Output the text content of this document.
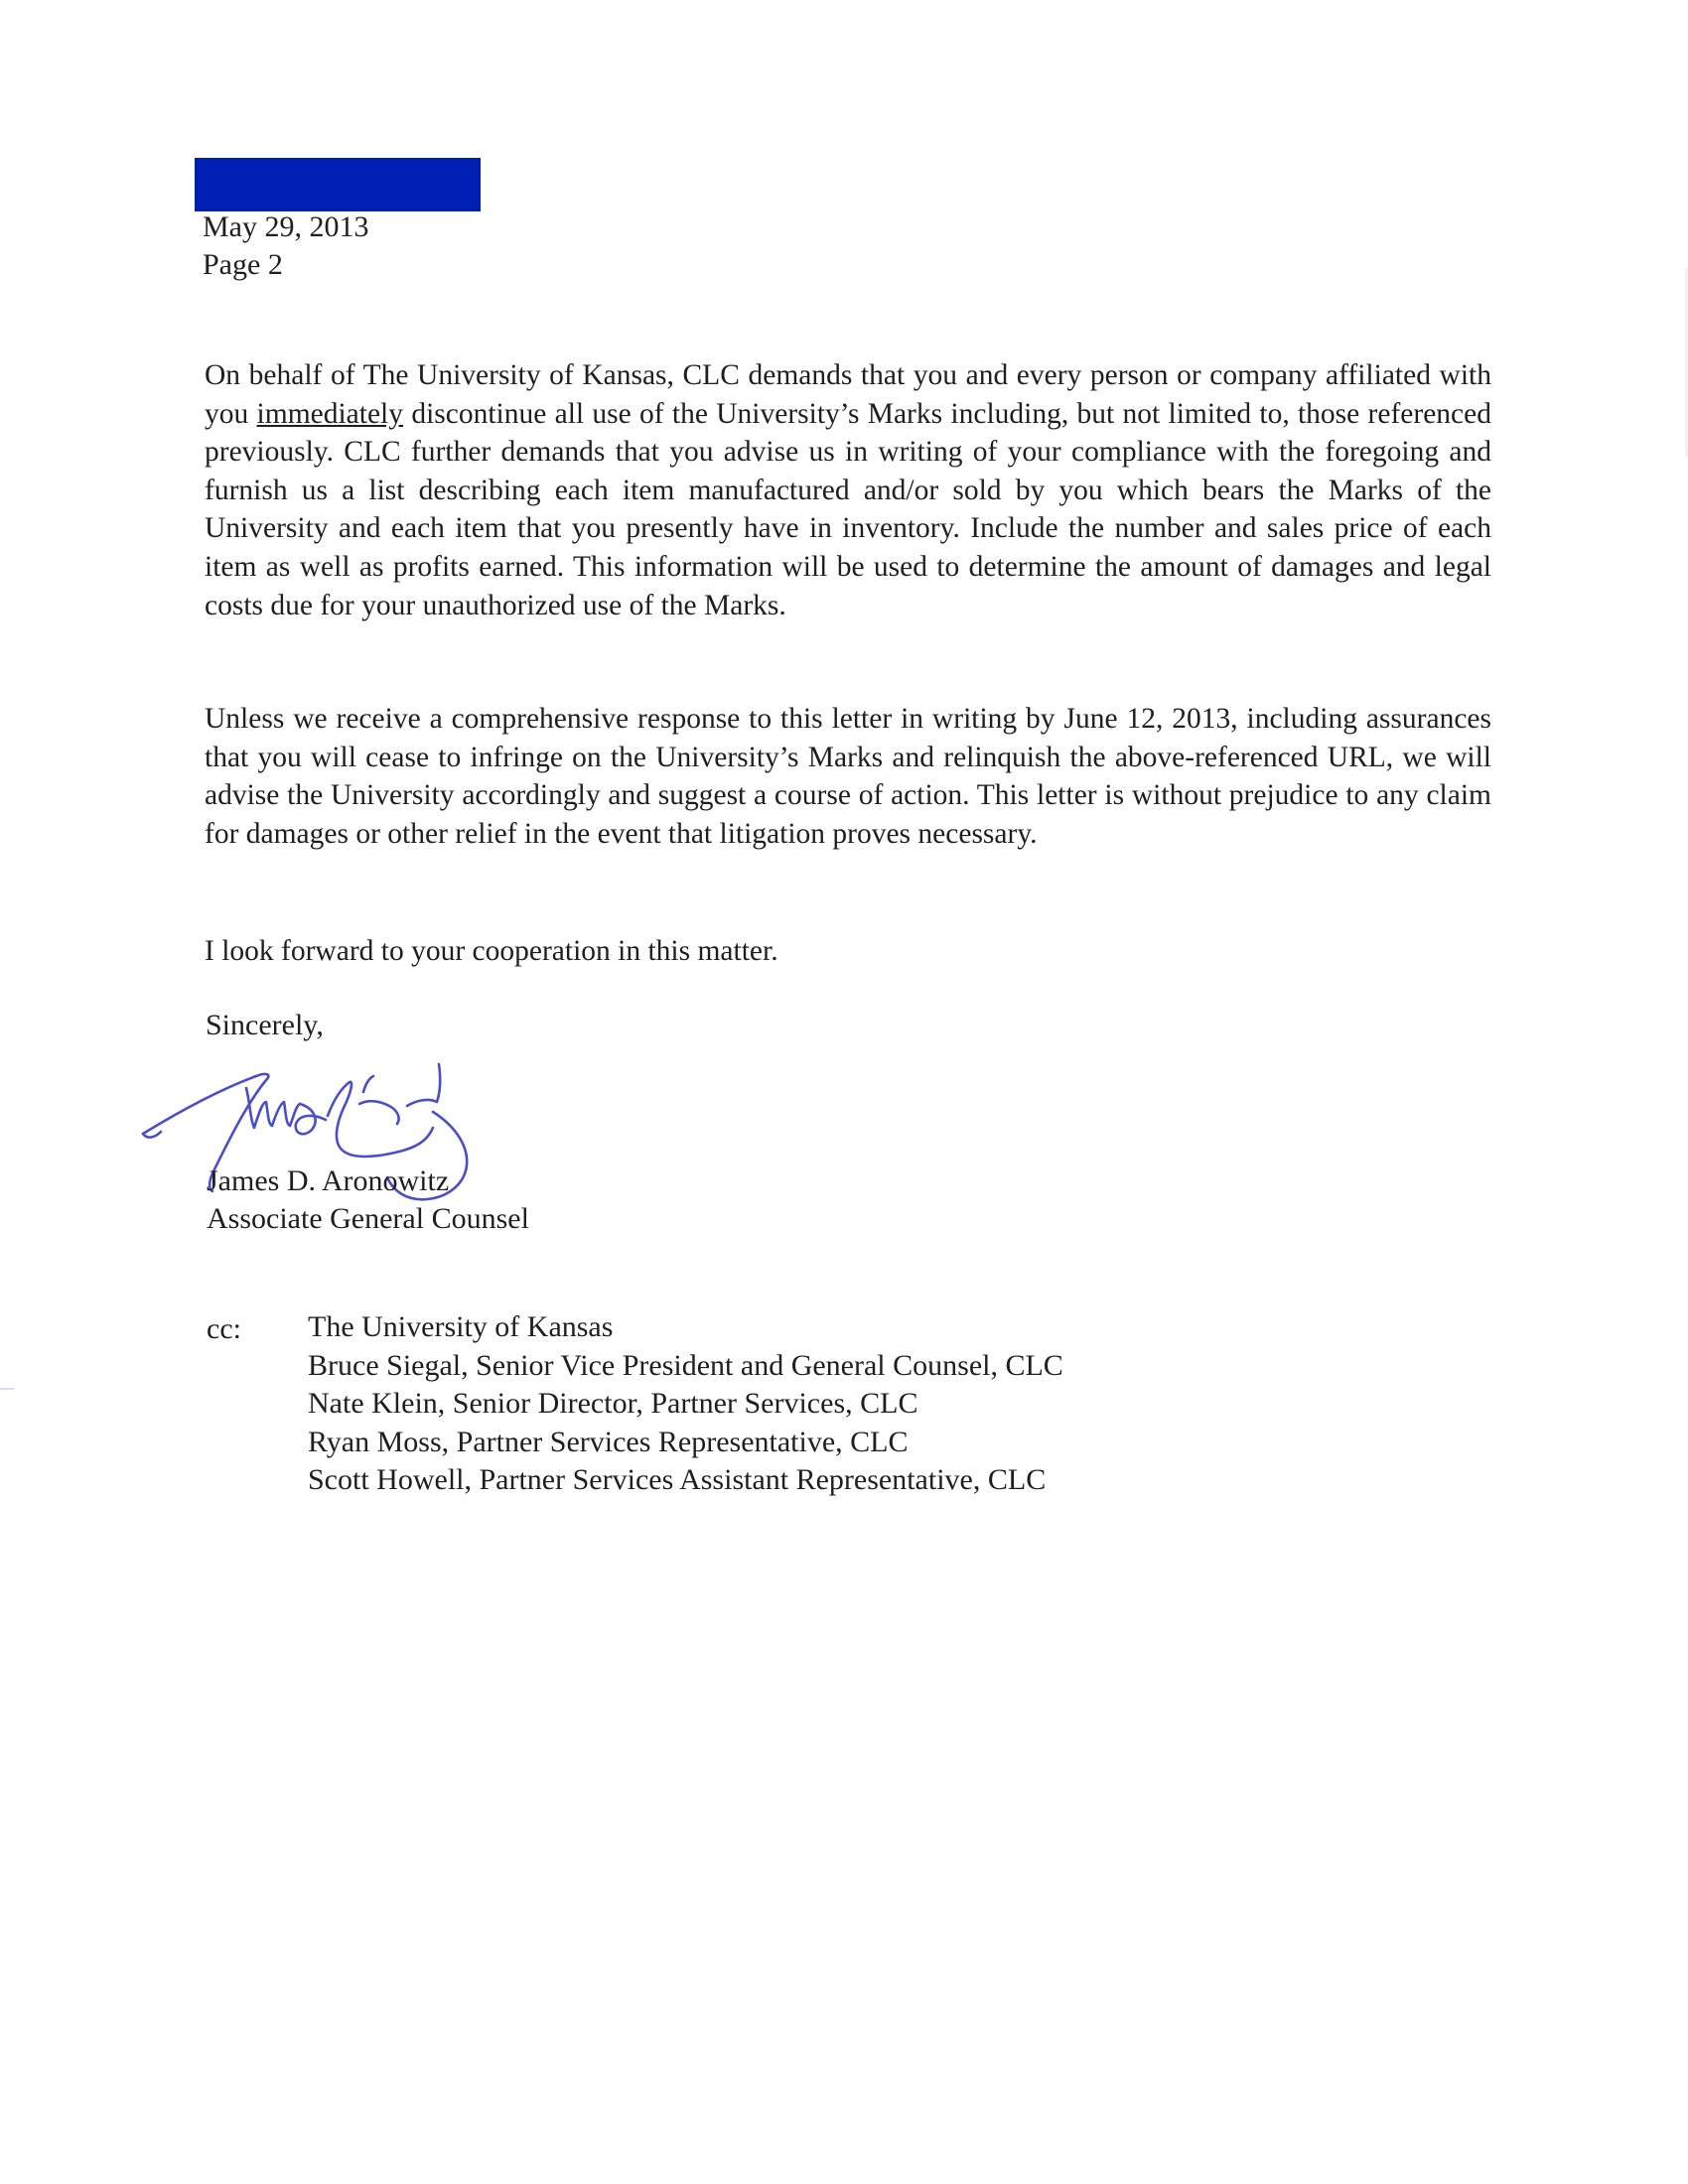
May 29, 2013
Page 2

On behalf of The University of Kansas, CLC demands that you and every person or company affiliated with you immediately discontinue all use of the University’s Marks including, but not limited to, those referenced previously. CLC further demands that you advise us in writing of your compliance with the foregoing and furnish us a list describing each item manufactured and/or sold by you which bears the Marks of the University and each item that you presently have in inventory. Include the number and sales price of each item as well as profits earned. This information will be used to determine the amount of damages and legal costs due for your unauthorized use of the Marks.

Unless we receive a comprehensive response to this letter in writing by June 12, 2013, including assurances that you will cease to infringe on the University’s Marks and relinquish the above-referenced URL, we will advise the University accordingly and suggest a course of action. This letter is without prejudice to any claim for damages or other relief in the event that litigation proves necessary.

I look forward to your cooperation in this matter.

Sincerely,
James D. Aronowitz
Associate General Counsel
cc: The University of Kansas
Bruce Siegal, Senior Vice President and General Counsel, CLC
Nate Klein, Senior Director, Partner Services, CLC
Ryan Moss, Partner Services Representative, CLC
Scott Howell, Partner Services Assistant Representative, CLC
